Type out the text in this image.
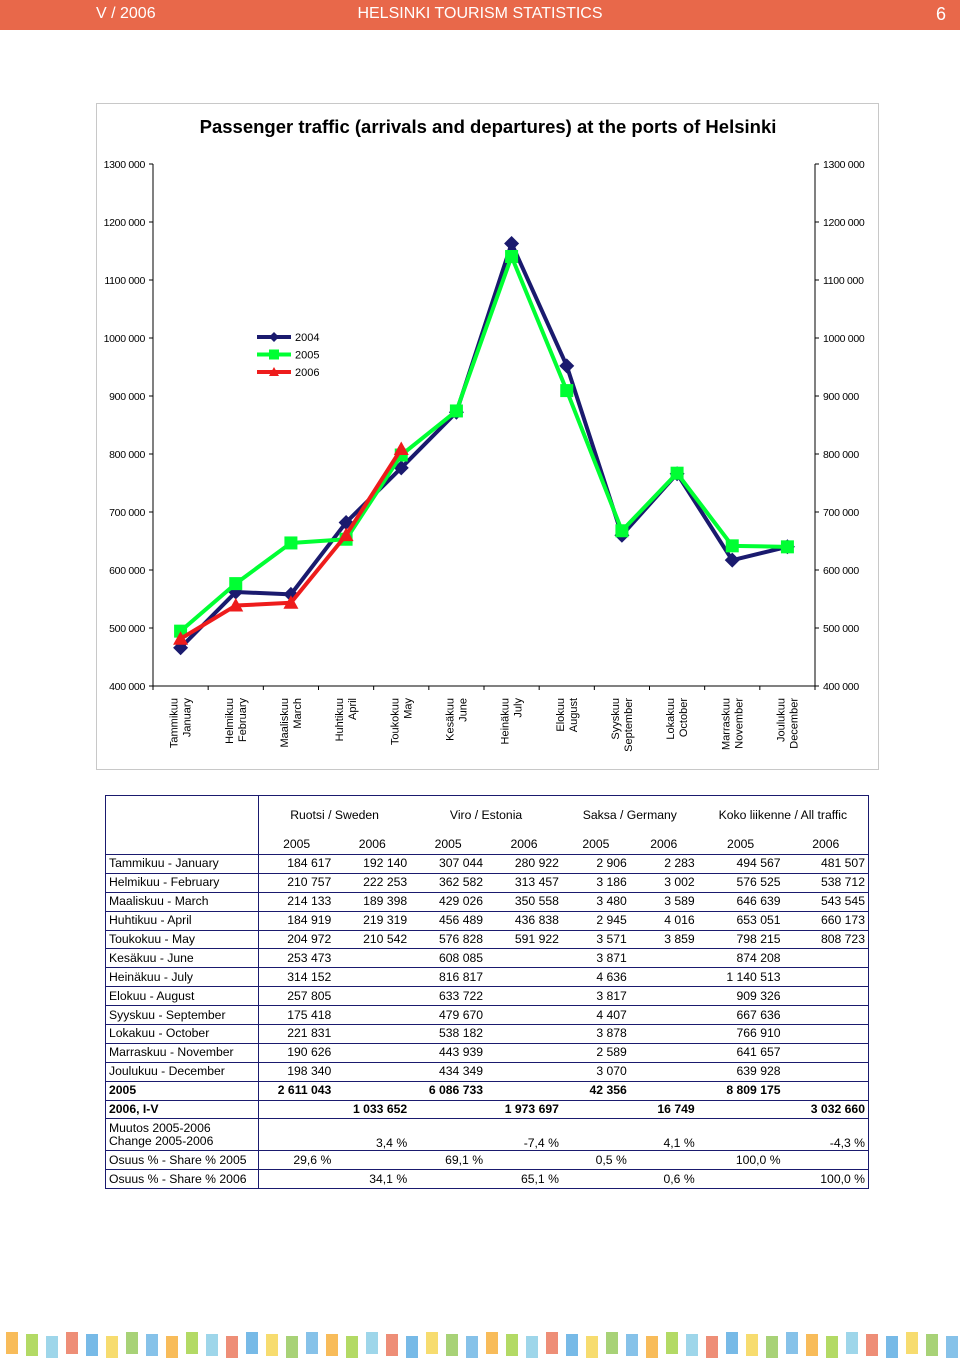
HELSINKI TOURISM STATISTICS
V / 2006	6
Passenger traffic (arrivals and departures) at the ports of Helsinki
400 000	400 000
500 000	500 000
600 000	600 000
700 000	700 000
800 000	800 000
900 000	900 000
1000 000	1000 000
1100 000	1100 000
1200 000	1200 000
1300 000	1300 000
Tammikuu January	Helmikuu February	Maaliskuu March	Huhtikuu April	Toukokuu May	Kesäkuu June	Heinäkuu July	Elokuu August	Syyskuu September	Lokakuu October	Marraskuu November	Joulukuu December
2004
2005
2006
	Ruotsi / Sweden		Viro / Estonia		Saksa / Germany		Koko liikenne / All traffic	
	2005	2006	2005	2006	2005	2006	2005	2006
Tammikuu - January	184 617	192 140	307 044	280 922	2 906	2 283	494 567	481 507
Helmikuu - February	210 757	222 253	362 582	313 457	3 186	3 002	576 525	538 712
Maaliskuu - March	214 133	189 398	429 026	350 558	3 480	3 589	646 639	543 545
Huhtikuu - April	184 919	219 319	456 489	436 838	2 945	4 016	653 051	660 173
Toukokuu - May	204 972	210 542	576 828	591 922	3 571	3 859	798 215	808 723
Kesäkuu - June	253 473		608 085		3 871		874 208	
Heinäkuu - July	314 152		816 817		4 636		1 140 513	
Elokuu - August	257 805		633 722		3 817		909 326	
Syyskuu - September	175 418		479 670		4 407		667 636	
Lokakuu - October	221 831		538 182		3 878		766 910	
Marraskuu - November	190 626		443 939		2 589		641 657	
Joulukuu - December	198 340		434 349		3 070		639 928	
2005	2 611 043		6 086 733		42 356		8 809 175	
2006, I-V		1 033 652		1 973 697		16 749		3 032 660

Muutos 2005-2006
Change 2005-2006		3,4 %		-7,4 %		4,1 %		-4,3 %
Osuus % - Share % 2005	29,6 %		69,1 %		0,5 %		100,0 %	
Osuus % - Share % 2006		34,1 %		65,1 %		0,6 %		100,0 %
